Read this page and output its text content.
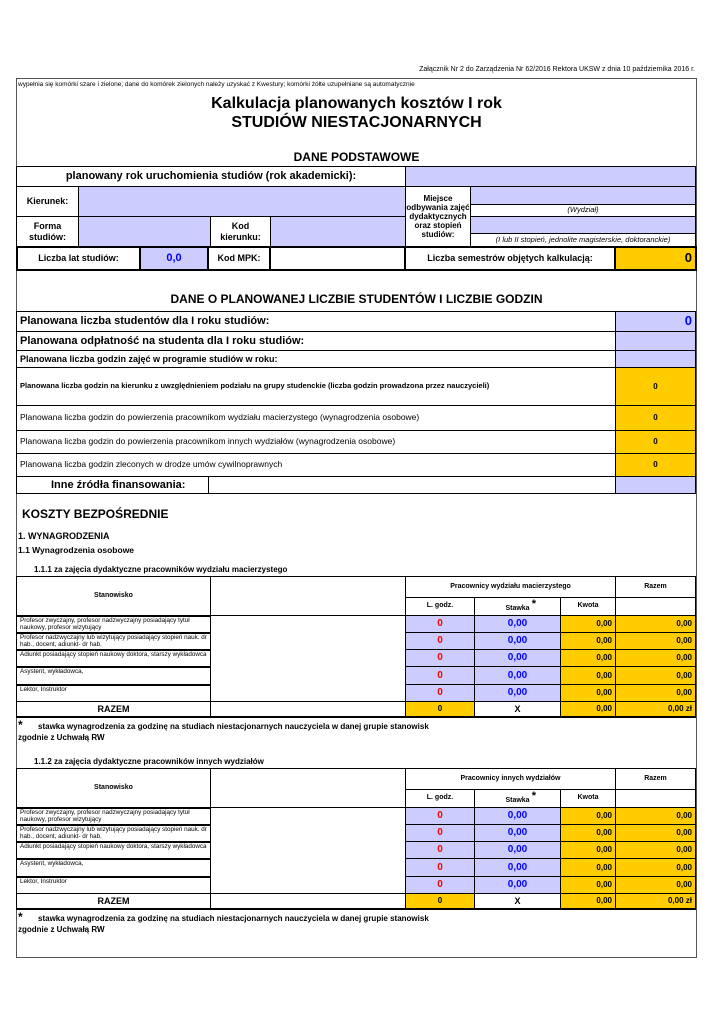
Załącznik Nr 2 do Zarządzenia Nr 62/2016 Rektora UKSW z dnia 10 października 2016 r.
wypełnia się komórki szare i zielone; dane do komórek zielonych należy uzyskać z Kwestury; komórki żółte uzupełniane są automatycznie
Kalkulacja planowanych kosztów I rok
STUDIÓW NIESTACJONARNYCH
DANE PODSTAWOWE
planowany rok uruchomienia studiów (rok akademicki):
Kierunek:	Miejsce odbywania zajęć dydaktycznych oraz stopień studiów:
(Wydział)
(I lub II stopień, jednolite magisterskie, doktoranckie)
Forma studiów:
Kod kierunku:
Liczba lat studiów:	0,0	Kod MPK:	Liczba semestrów objętych kalkulacją:	0
DANE O PLANOWANEJ LICZBIE STUDENTÓW I LICZBIE GODZIN
Planowana liczba studentów dla I roku studiów:	0
Planowana odpłatność na studenta dla I roku studiów:
Planowana liczba godzin zajęć w programie studiów w roku:
Planowana liczba godzin na kierunku z uwzględnieniem podziału na grupy studenckie (liczba godzin prowadzona przez nauczycieli)	0
Planowana liczba godzin do powierzenia pracownikom wydziału macierzystego (wynagrodzenia osobowe)	0
Planowana liczba godzin do powierzenia pracownikom innych wydziałów (wynagrodzenia osobowe)	0
Planowana liczba godzin zleconych w drodze umów cywilnoprawnych	0
Inne źródła finansowania:
KOSZTY BEZPOŚREDNIE
1. WYNAGRODZENIA
1.1 Wynagrodzenia osobowe
1.1.1 za zajęcia dydaktyczne pracowników wydziału macierzystego
Stanowisko
Pracownicy wydziału macierzystego	Razem
L. godz.	Stawka *	Kwota
Profesor zwyczajny, profesor nadzwyczajny posiadający tytuł naukowy, profesor wizytujący	0	0,00	0,00	0,00
Profesor nadzwyczajny lub wizytujący posiadający stopień nauk. dr hab., docent, adiunkt- dr hab.	0	0,00	0,00	0,00
Adiunkt posiadający stopień naukowy doktora, starszy wykładowca	0	0,00	0,00	0,00
Asystent, wykładowca,	0	0,00	0,00	0,00
Lektor, Instruktor	0	0,00	0,00	0,00
RAZEM	0	X	0,00	0,00 zł
* stawka wynagrodzenia za godzinę na studiach niestacjonarnych nauczyciela w danej grupie stanowisk
zgodnie z Uchwałą RW
1.1.2 za zajęcia dydaktyczne pracowników innych wydziałów
Stanowisko
Pracownicy innych wydziałów	Razem
L. godz.	Stawka *	Kwota
Profesor zwyczajny, profesor nadzwyczajny posiadający tytuł naukowy, profesor wizytujący	0	0,00	0,00	0,00
Profesor nadzwyczajny lub wizytujący posiadający stopień nauk. dr hab., docent, adiunkt- dr hab.	0	0,00	0,00	0,00
Adiunkt posiadający stopień naukowy doktora, starszy wykładowca	0	0,00	0,00	0,00
Asystent, wykładowca,	0	0,00	0,00	0,00
Lektor, Instruktor	0	0,00	0,00	0,00
RAZEM	0	X	0,00	0,00 zł
* stawka wynagrodzenia za godzinę na studiach niestacjonarnych nauczyciela w danej grupie stanowisk
zgodnie z Uchwałą RW
